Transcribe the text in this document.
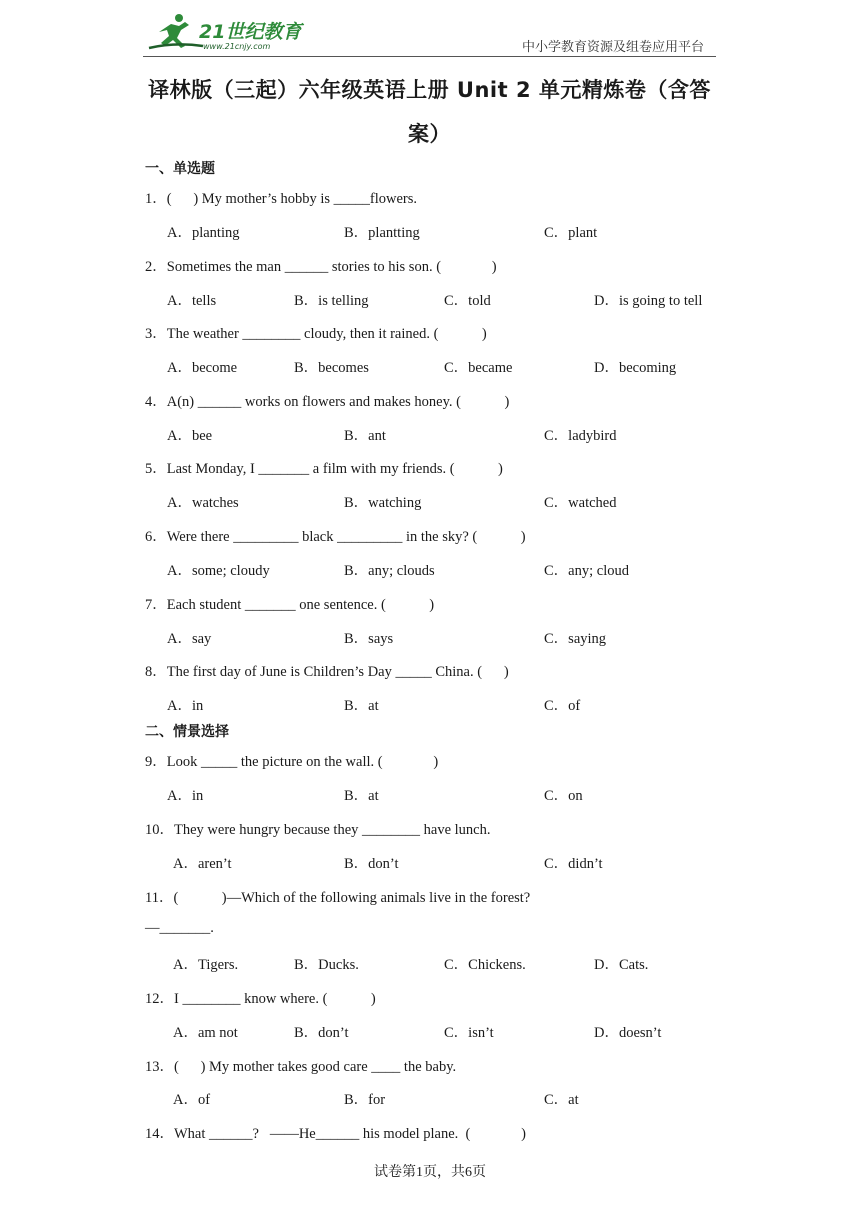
21世纪教育
www.21cnjy.com	中小学教育资源及组卷应用平台
译林版（三起）六年级英语上册 Unit 2 单元精炼卷（含答
案）
一、单选题
1．(      ) My mother’s hobby is _____flowers.
A．planting	B．plantting	C．plant
2．Sometimes the man ______ stories to his son. (              )
A．tells	B．is telling	C．told	D．is going to tell
3．The weather ________ cloudy, then it rained. (            )
A．become	B．becomes	C．became	D．becoming
4．A(n) ______ works on flowers and makes honey. (            )
A．bee	B．ant	C．ladybird
5．Last Monday, I _______ a film with my friends. (            )
A．watches	B．watching	C．watched
6．Were there _________ black _________ in the sky? (            )
A．some; cloudy	B．any; clouds	C．any; cloud
7．Each student _______ one sentence. (            )
A．say	B．says	C．saying
8．The first day of June is Children’s Day _____ China. (      )
A．in	B．at	C．of
二、情景选择
9．Look _____ the picture on the wall. (              )
A．in	B．at	C．on
10．They were hungry because they ________ have lunch.
A．aren’t	B．don’t	C．didn’t
11．(            )—Which of the following animals live in the forest?
—_______.
A．Tigers.	B．Ducks.	C．Chickens.	D．Cats.
12．I ________ know where. (            )
A．am not	B．don’t	C．isn’t	D．doesn’t
13．(      ) My mother takes good care ____ the baby.
A．of	B．for	C．at
14．What ______?   ——He______ his model plane.  (              )
试卷第1页，共6页
